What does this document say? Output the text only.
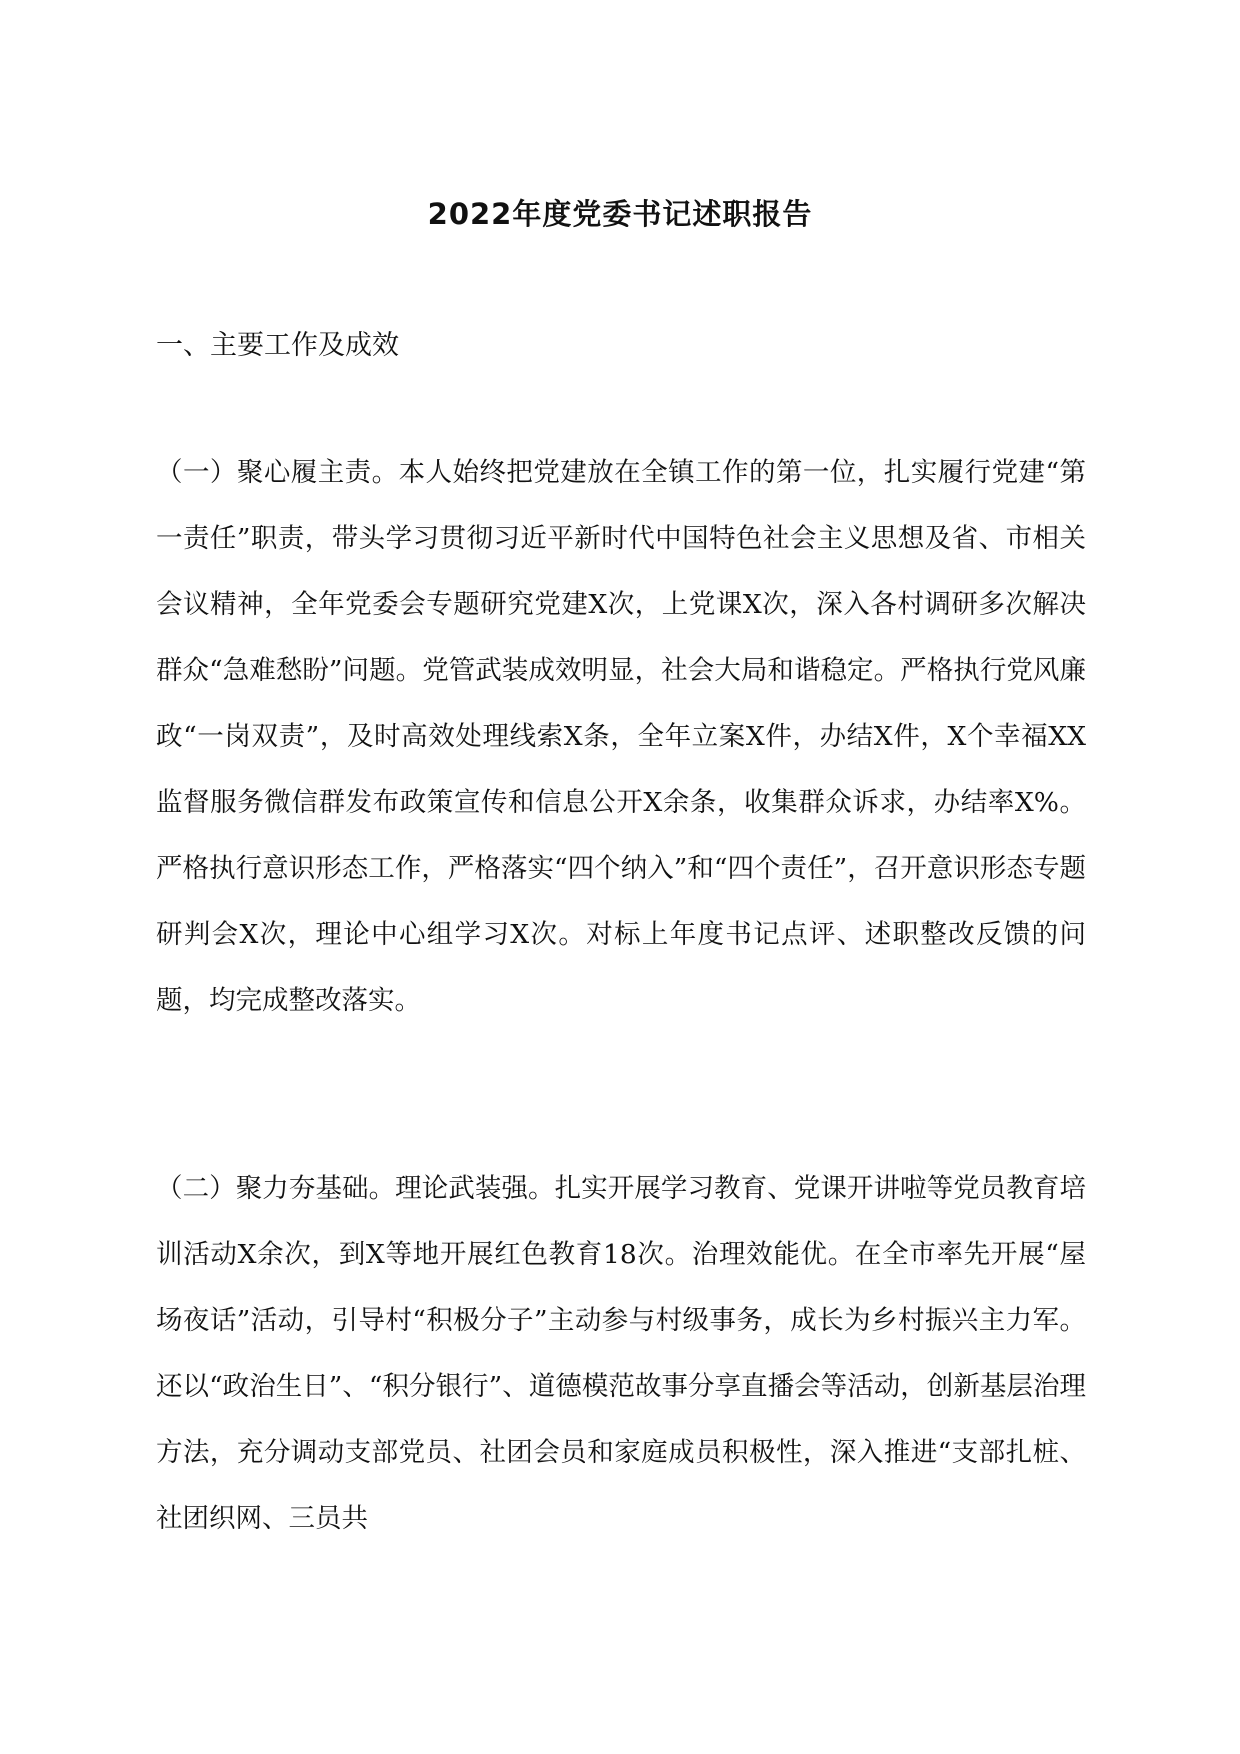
2022年度党委书记述职报告
一、主要工作及成效
（一）聚心履主责。本人始终把党建放在全镇工作的第一位，扎实履行党建“第一责任”职责，带头学习贯彻习近平新时代中国特色社会主义思想及省、市相关会议精神，全年党委会专题研究党建X次，上党课X次，深入各村调研多次解决群众“急难愁盼”问题。党管武装成效明显，社会大局和谐稳定。严格执行党风廉政“一岗双责”，及时高效处理线索X条，全年立案X件，办结X件，X个幸福XX监督服务微信群发布政策宣传和信息公开X余条，收集群众诉求，办结率X%。严格执行意识形态工作，严格落实“四个纳入”和“四个责任”，召开意识形态专题研判会X次，理论中心组学习X次。对标上年度书记点评、述职整改反馈的问题，均完成整改落实。
（二）聚力夯基础。理论武装强。扎实开展学习教育、党课开讲啦等党员教育培训活动X余次，到X等地开展红色教育18次。治理效能优。在全市率先开展“屋场夜话”活动，引导村“积极分子”主动参与村级事务，成长为乡村振兴主力军。还以“政治生日”、“积分银行”、道德模范故事分享直播会等活动，创新基层治理方法，充分调动支部党员、社团会员和家庭成员积极性，深入推进“支部扎桩、社团织网、三员共
